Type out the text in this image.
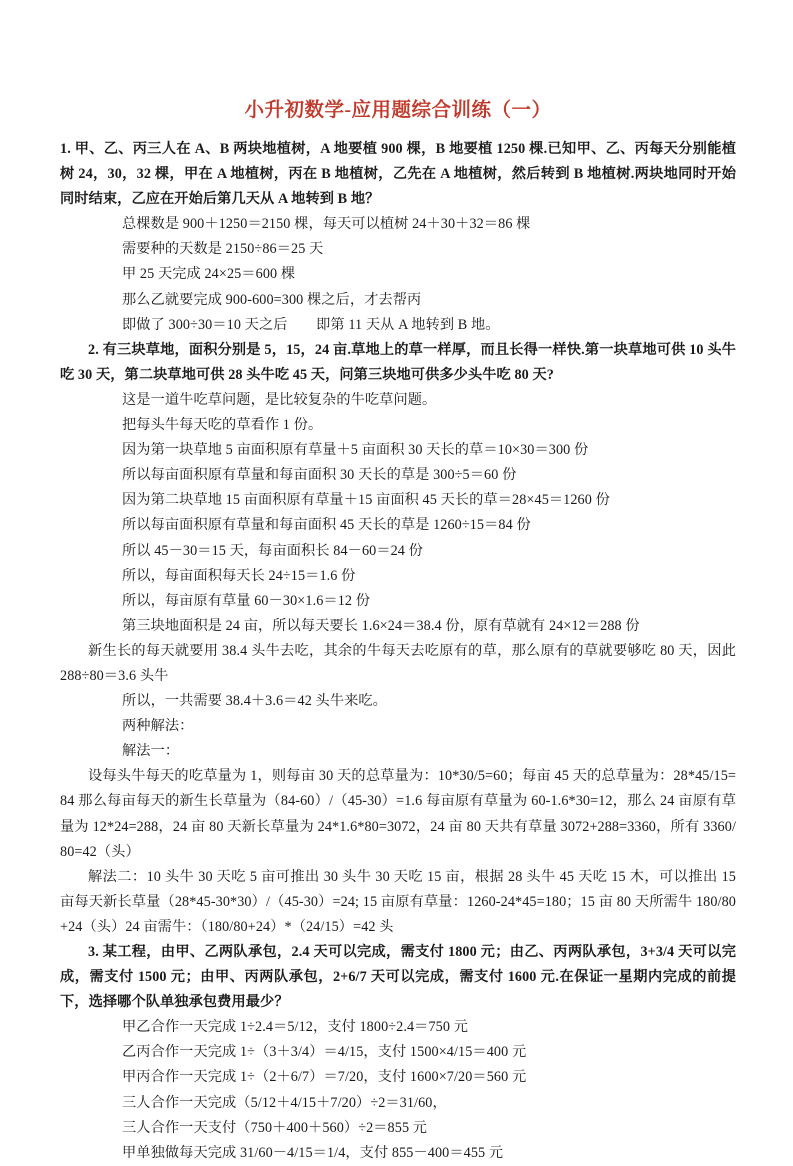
小升初数学-应用题综合训练（一）

1. 甲、乙、丙三人在 A、B 两块地植树，A 地要植 900 棵，B 地要植 1250 棵.已知甲、乙、丙每天分别能植树 24，30，32 棵，甲在 A 地植树，丙在 B 地植树，乙先在 A 地植树，然后转到 B 地植树.两块地同时开始同时结束，乙应在开始后第几天从 A 地转到 B 地？

总棵数是 900＋1250＝2150 棵，每天可以植树 24＋30＋32＝86 棵

需要种的天数是 2150÷86＝25 天

甲 25 天完成 24×25＝600 棵

那么乙就要完成 900-600=300 棵之后，才去帮丙

即做了 300÷30＝10 天之后　　即第 11 天从 A 地转到 B 地。

2. 有三块草地，面积分别是 5，15，24 亩.草地上的草一样厚，而且长得一样快.第一块草地可供 10 头牛吃 30 天，第二块草地可供 28 头牛吃 45 天，问第三块地可供多少头牛吃 80 天?

这是一道牛吃草问题，是比较复杂的牛吃草问题。

把每头牛每天吃的草看作 1 份。

因为第一块草地 5 亩面积原有草量＋5 亩面积 30 天长的草＝10×30＝300 份

所以每亩面积原有草量和每亩面积 30 天长的草是 300÷5＝60 份

因为第二块草地 15 亩面积原有草量＋15 亩面积 45 天长的草＝28×45＝1260 份

所以每亩面积原有草量和每亩面积 45 天长的草是 1260÷15＝84 份

所以 45－30＝15 天，每亩面积长 84－60＝24 份

所以，每亩面积每天长 24÷15＝1.6 份

所以，每亩原有草量 60－30×1.6＝12 份

第三块地面积是 24 亩，所以每天要长 1.6×24＝38.4 份，原有草就有 24×12＝288 份

新生长的每天就要用 38.4 头牛去吃，其余的牛每天去吃原有的草，那么原有的草就要够吃 80 天，因此 288÷80＝3.6 头牛

所以，一共需要 38.4＋3.6＝42 头牛来吃。

两种解法：

解法一：

设每头牛每天的吃草量为 1，则每亩 30 天的总草量为：10*30/5=60；每亩 45 天的总草量为：28*45/15=84 那么每亩每天的新生长草量为（84-60）/（45-30）=1.6 每亩原有草量为 60-1.6*30=12，那么 24 亩原有草量为 12*24=288，24 亩 80 天新长草量为 24*1.6*80=3072，24 亩 80 天共有草量 3072+288=3360，所有 3360/80=42（头）

解法二：10 头牛 30 天吃 5 亩可推出 30 头牛 30 天吃 15 亩，根据 28 头牛 45 天吃 15 木，可以推出 15 亩每天新长草量（28*45-30*30）/（45-30）=24; 15 亩原有草量：1260-24*45=180；15 亩 80 天所需牛 180/80+24（头）24 亩需牛：（180/80+24）*（24/15）=42 头

3. 某工程，由甲、乙两队承包，2.4 天可以完成，需支付 1800 元；由乙、丙两队承包，3+3/4 天可以完成，需支付 1500 元；由甲、丙两队承包，2+6/7 天可以完成，需支付 1600 元.在保证一星期内完成的前提下，选择哪个队单独承包费用最少？

甲乙合作一天完成 1÷2.4＝5/12，支付 1800÷2.4＝750 元

乙丙合作一天完成 1÷（3＋3/4）＝4/15，支付 1500×4/15＝400 元

甲丙合作一天完成 1÷（2＋6/7）＝7/20，支付 1600×7/20＝560 元

三人合作一天完成（5/12＋4/15＋7/20）÷2＝31/60，

三人合作一天支付（750＋400＋560）÷2＝855 元

甲单独做每天完成 31/60－4/15＝1/4，支付 855－400＝455 元
